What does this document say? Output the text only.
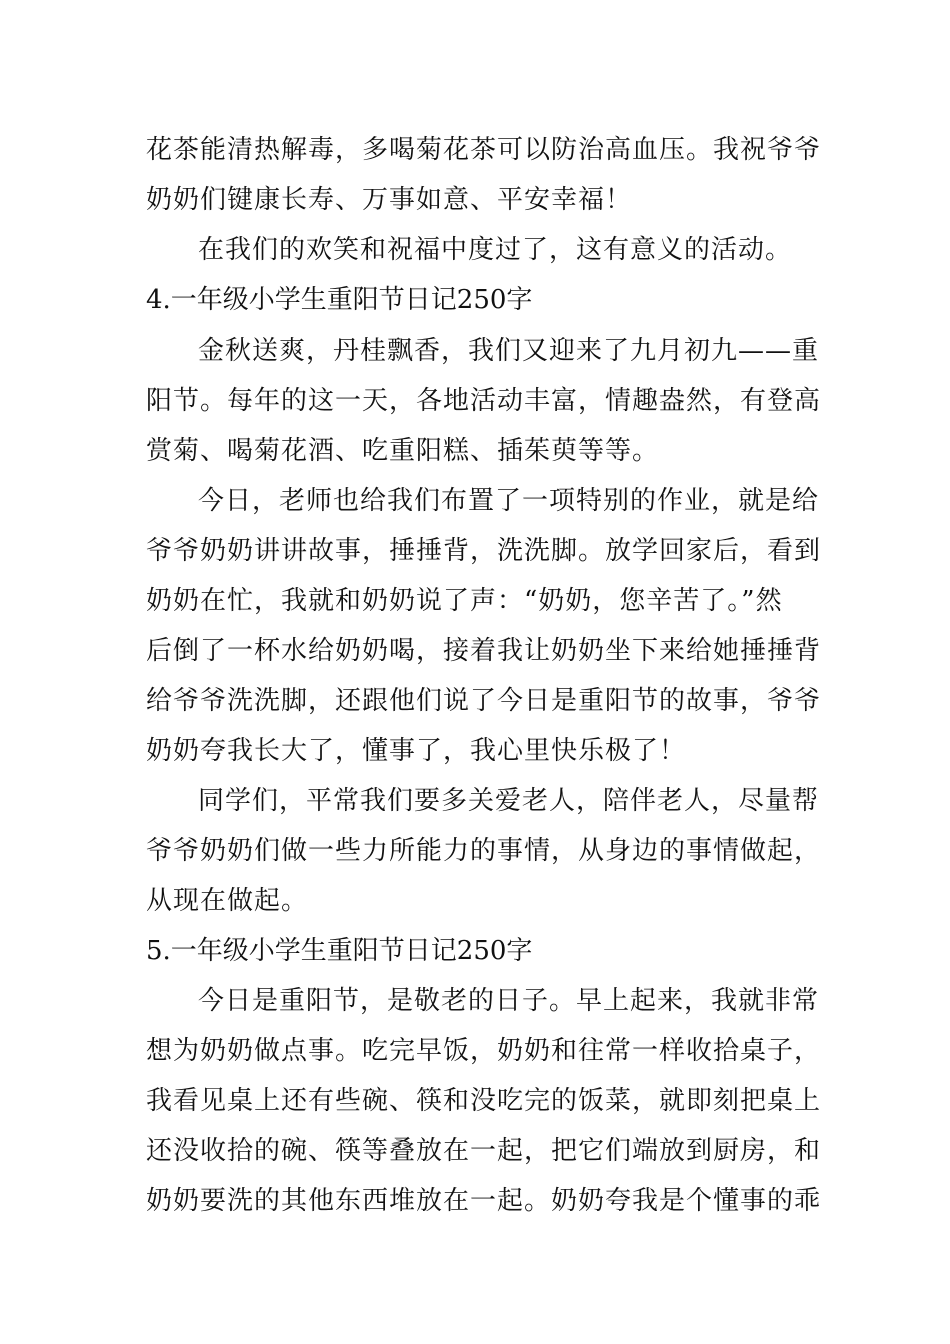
花茶能清热解毒，多喝菊花茶可以防治高血压。我祝爷爷
奶奶们键康长寿、万事如意、平安幸福！
在我们的欢笑和祝福中度过了，这有意义的活动。
4.一年级小学生重阳节日记250字
金秋送爽，丹桂飘香，我们又迎来了九月初九——重
阳节。每年的这一天，各地活动丰富，情趣盎然，有登高
赏菊、喝菊花酒、吃重阳糕、插茱萸等等。
今日，老师也给我们布置了一项特别的作业，就是给
爷爷奶奶讲讲故事，捶捶背，洗洗脚。放学回家后，看到
奶奶在忙，我就和奶奶说了声：“奶奶，您辛苦了。”然
后倒了一杯水给奶奶喝，接着我让奶奶坐下来给她捶捶背
给爷爷洗洗脚，还跟他们说了今日是重阳节的故事，爷爷
奶奶夸我长大了，懂事了，我心里快乐极了！
同学们，平常我们要多关爱老人，陪伴老人，尽量帮
爷爷奶奶们做一些力所能力的事情，从身边的事情做起，
从现在做起。
5.一年级小学生重阳节日记250字
今日是重阳节，是敬老的日子。早上起来，我就非常
想为奶奶做点事。吃完早饭，奶奶和往常一样收拾桌子，
我看见桌上还有些碗、筷和没吃完的饭菜，就即刻把桌上
还没收拾的碗、筷等叠放在一起，把它们端放到厨房，和
奶奶要洗的其他东西堆放在一起。奶奶夸我是个懂事的乖
